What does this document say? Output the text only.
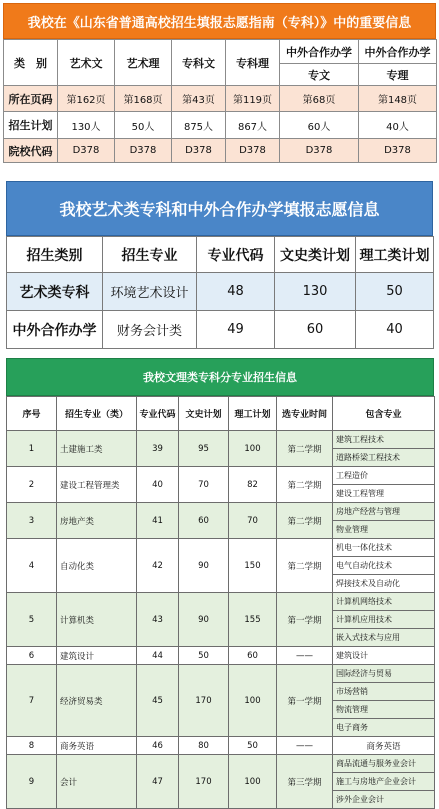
我校在《山东省普通高校招生填报志愿指南（专科）》中的重要信息
类　别	艺术文	艺术理	专科文	专科理	中外合作办学	中外合作办学
					专文	专理
所在页码	第162页	第168页	第43页	第119页	第68页	第148页
招生计划	130人	50人	875人	867人	60人	40人
院校代码	D378	D378	D378	D378	D378	D378
我校艺术类专科和中外合作办学填报志愿信息
招生类别	招生专业	专业代码	文史类计划	理工类计划
艺术类专科	环境艺术设计	48	130	50
中外合作办学	财务会计类	49	60	40
我校文理类专科分专业招生信息
序号	招生专业（类）	专业代码	文史计划	理工计划	选专业时间	包含专业
1	土建施工类	39	95	100	第二学期	建筑工程技术
						道路桥梁工程技术
2	建设工程管理类	40	70	82	第二学期	工程造价
						建设工程管理
3	房地产类	41	60	70	第二学期	房地产经营与管理
						物业管理
4	自动化类	42	90	150	第二学期	机电一体化技术
						电气自动化技术
						焊接技术及自动化
5	计算机类	43	90	155	第一学期	计算机网络技术
						计算机应用技术
						嵌入式技术与应用
6	建筑设计	44	50	60	——	建筑设计
7	经济贸易类	45	170	100	第一学期	国际经济与贸易
						市场营销
						物流管理
						电子商务
8	商务英语	46	80	50	——	商务英语
9	会计	47	170	100	第三学期	商品流通与服务业会计
						施工与房地产企业会计
						涉外企业会计
